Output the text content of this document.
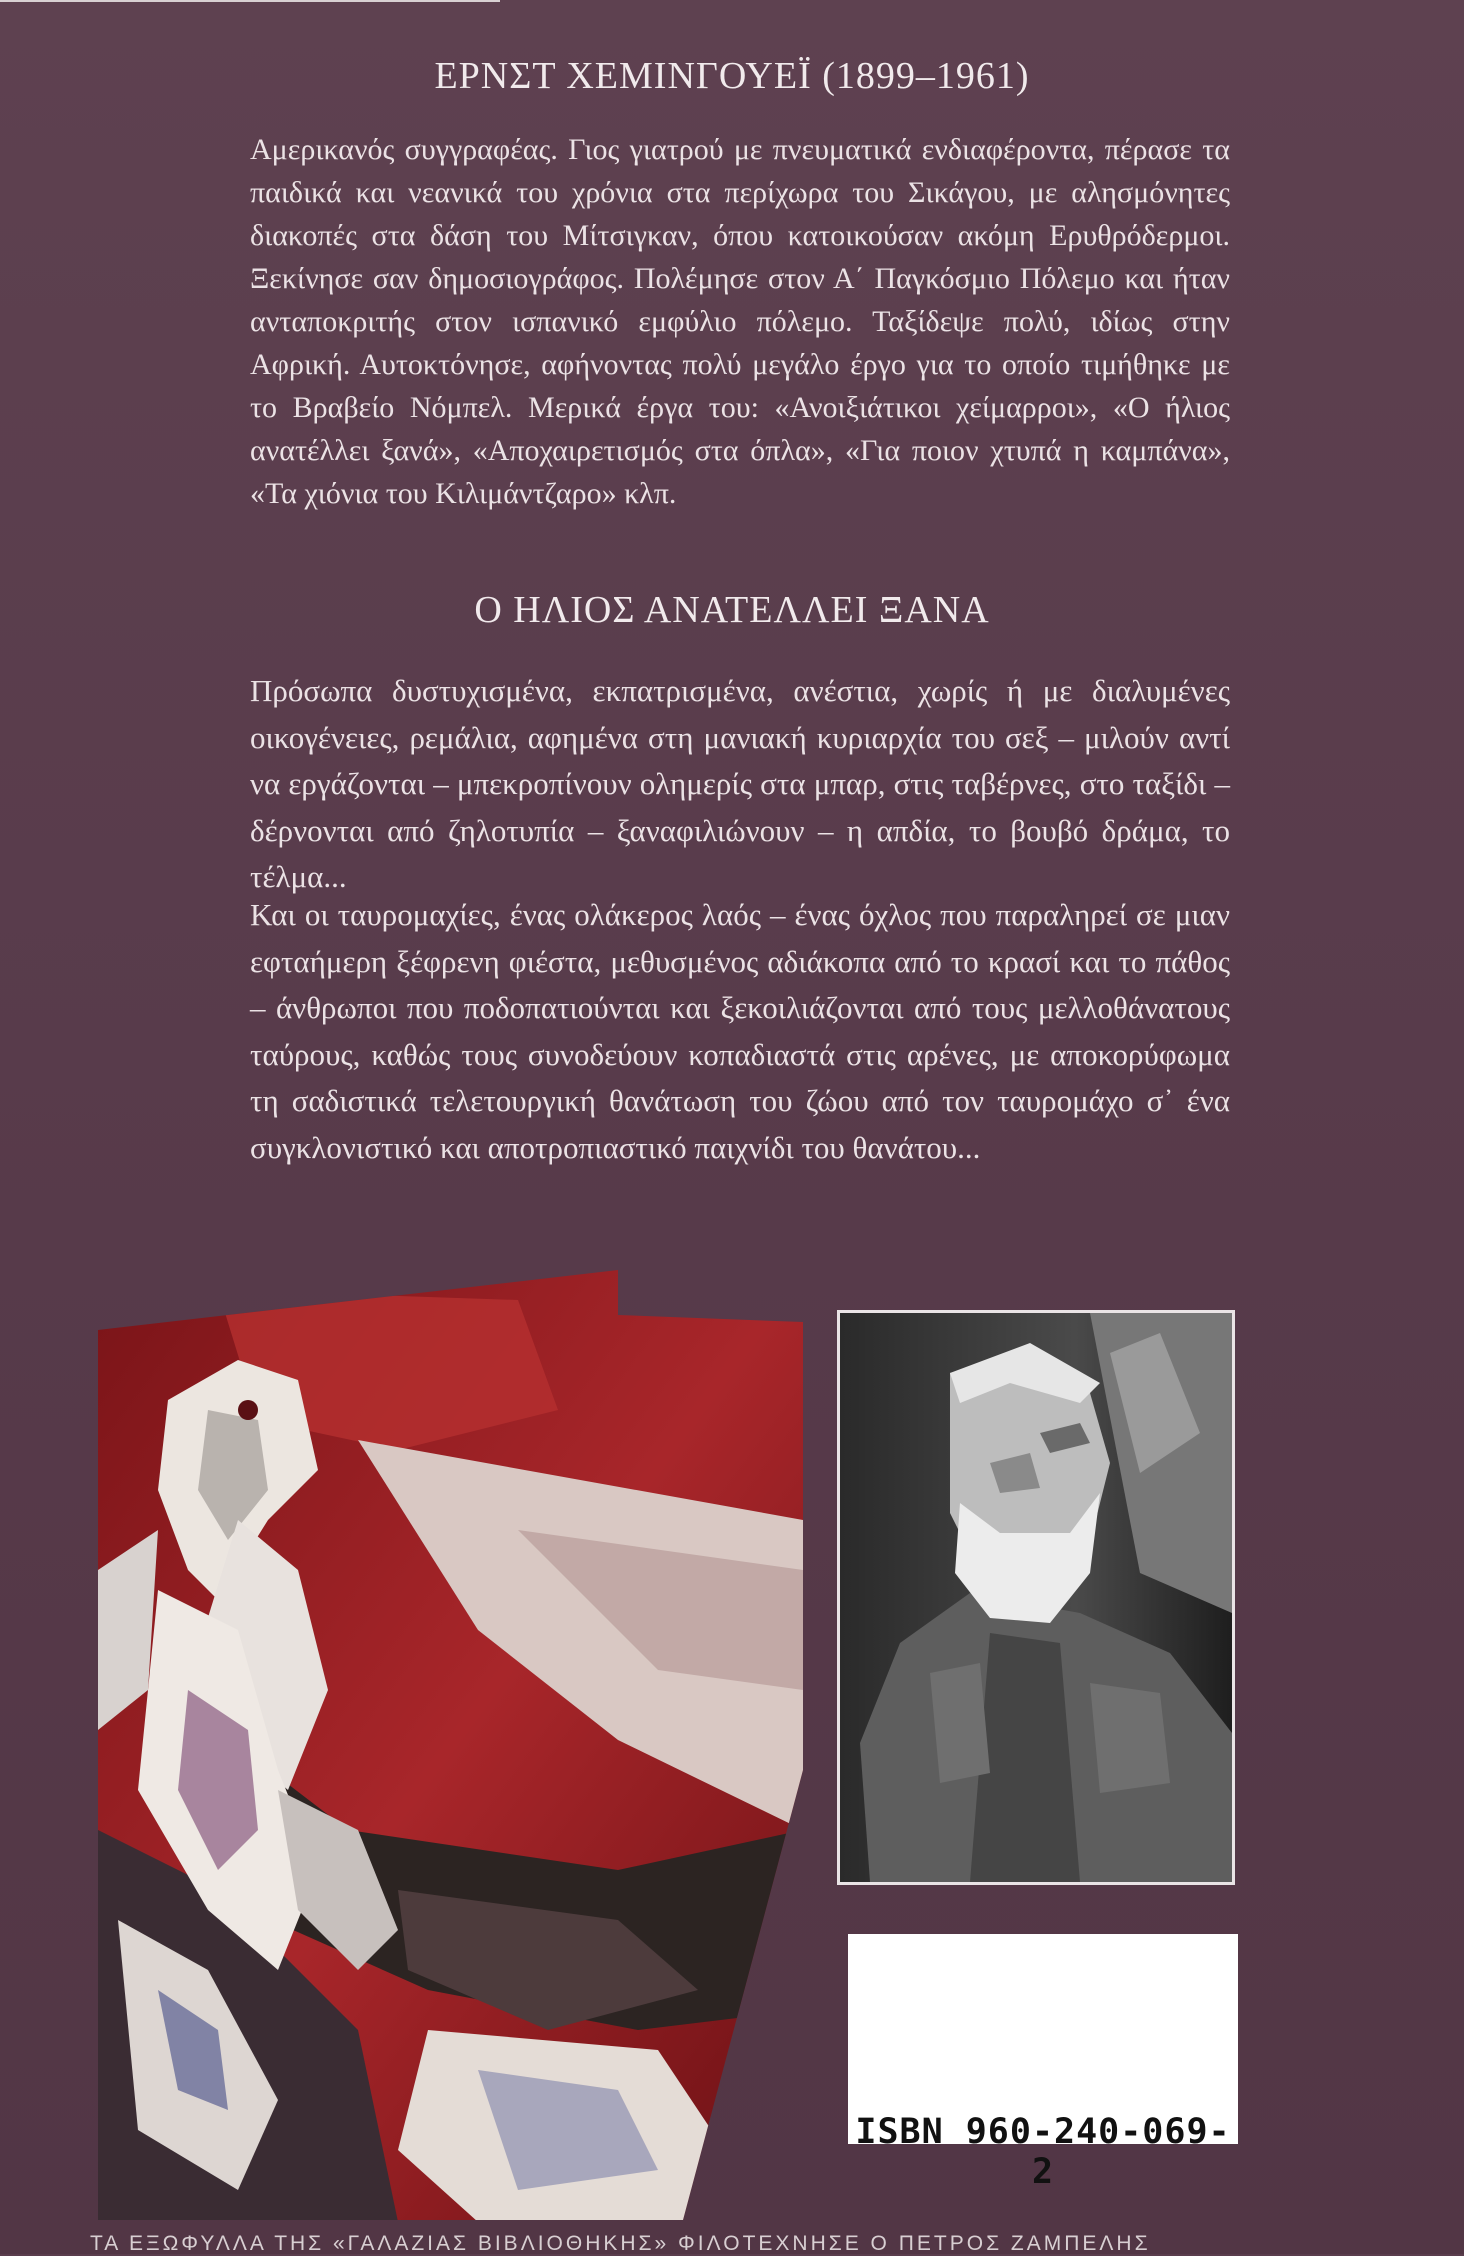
ΕΡΝΣΤ ΧΕΜΙΝΓΟΥΕΪ (1899–1961)

Αμερικανός συγγραφέας. Γιος γιατρού με πνευματικά ενδιαφέροντα, πέρασε τα παιδικά και νεανικά του χρόνια στα περίχωρα του Σικάγου, με αλησμόνητες διακοπές στα δάση του Μίτσιγκαν, όπου κατοικούσαν ακόμη Ερυθρόδερμοι. Ξεκίνησε σαν δημοσιογράφος. Πολέμησε στον Α΄ Παγκόσμιο Πόλεμο και ήταν ανταποκριτής στον ισπανικό εμφύλιο πόλεμο. Ταξίδεψε πολύ, ιδίως στην Αφρική. Αυτοκτόνησε, αφήνοντας πολύ μεγάλο έργο για το οποίο τιμήθηκε με το Βραβείο Νόμπελ. Μερικά έργα του: «Ανοιξιάτικοι χείμαρροι», «Ο ήλιος ανατέλλει ξανά», «Αποχαιρετισμός στα όπλα», «Για ποιον χτυπά η καμπάνα», «Τα χιόνια του Κιλιμάντζαρο» κλπ.

Ο ΗΛΙΟΣ ΑΝΑΤΕΛΛΕΙ ΞΑΝΑ

Πρόσωπα δυστυχισμένα, εκπατρισμένα, ανέστια, χωρίς ή με διαλυμένες οικογένειες, ρεμάλια, αφημένα στη μανιακή κυριαρχία του σεξ – μιλούν αντί να εργάζονται – μπεκροπίνουν ολημερίς στα μπαρ, στις ταβέρνες, στο ταξίδι – δέρνονται από ζηλοτυπία – ξαναφιλιώνουν – η απδία, το βουβό δράμα, το τέλμα...

Και οι ταυρομαχίες, ένας ολάκερος λαός – ένας όχλος που παραληρεί σε μιαν εφταήμερη ξέφρενη φιέστα, μεθυσμένος αδιάκοπα από το κρασί και το πάθος – άνθρωποι που ποδοπατιούνται και ξεκοιλιάζονται από τους μελλοθάνατους ταύρους, καθώς τους συνοδεύουν κοπαδιαστά στις αρένες, με αποκορύφωμα τη σαδιστικά τελετουργική θανάτωση του ζώου από τον ταυρομάχο σ᾿ ένα συγκλονιστικό και αποτροπιαστικό παιχνίδι του θανάτου...

ISBN 960-240-069-2
ΤΑ ΕΞΩΦΥΛΛΑ ΤΗΣ «ΓΑΛΑΖΙΑΣ ΒΙΒΛΙΟΘΗΚΗΣ» ΦΙΛΟΤΕΧΝΗΣΕ Ο ΠΕΤΡΟΣ ΖΑΜΠΕΛΗΣ
